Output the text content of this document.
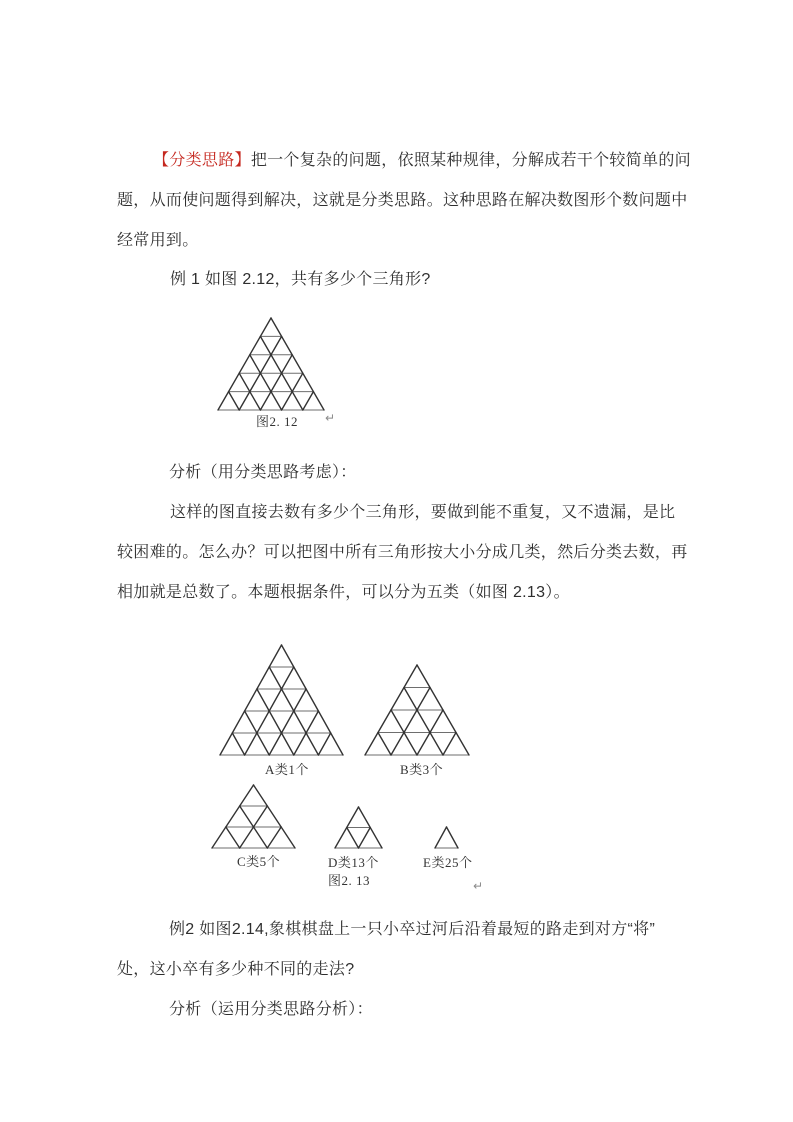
【分类思路】把一个复杂的问题，依照某种规律，分解成若干个较简单的问
题，从而使问题得到解决，这就是分类思路。这种思路在解决数图形个数问题中
经常用到。
例 1 如图 2.12，共有多少个三角形?
图2. 12 ↵
分析（用分类思路考虑）：
这样的图直接去数有多少个三角形，要做到能不重复，又不遗漏，是比
较困难的。怎么办？可以把图中所有三角形按大小分成几类，然后分类去数，再
相加就是总数了。本题根据条件，可以分为五类（如图 2.13）。
A类1个	B类3个
C类5个	D类13个	E类25个
图2. 13	↵
例2 如图2.14,象棋棋盘上一只小卒过河后沿着最短的路走到对方“将”
处，这小卒有多少种不同的走法?
分析（运用分类思路分析）：
